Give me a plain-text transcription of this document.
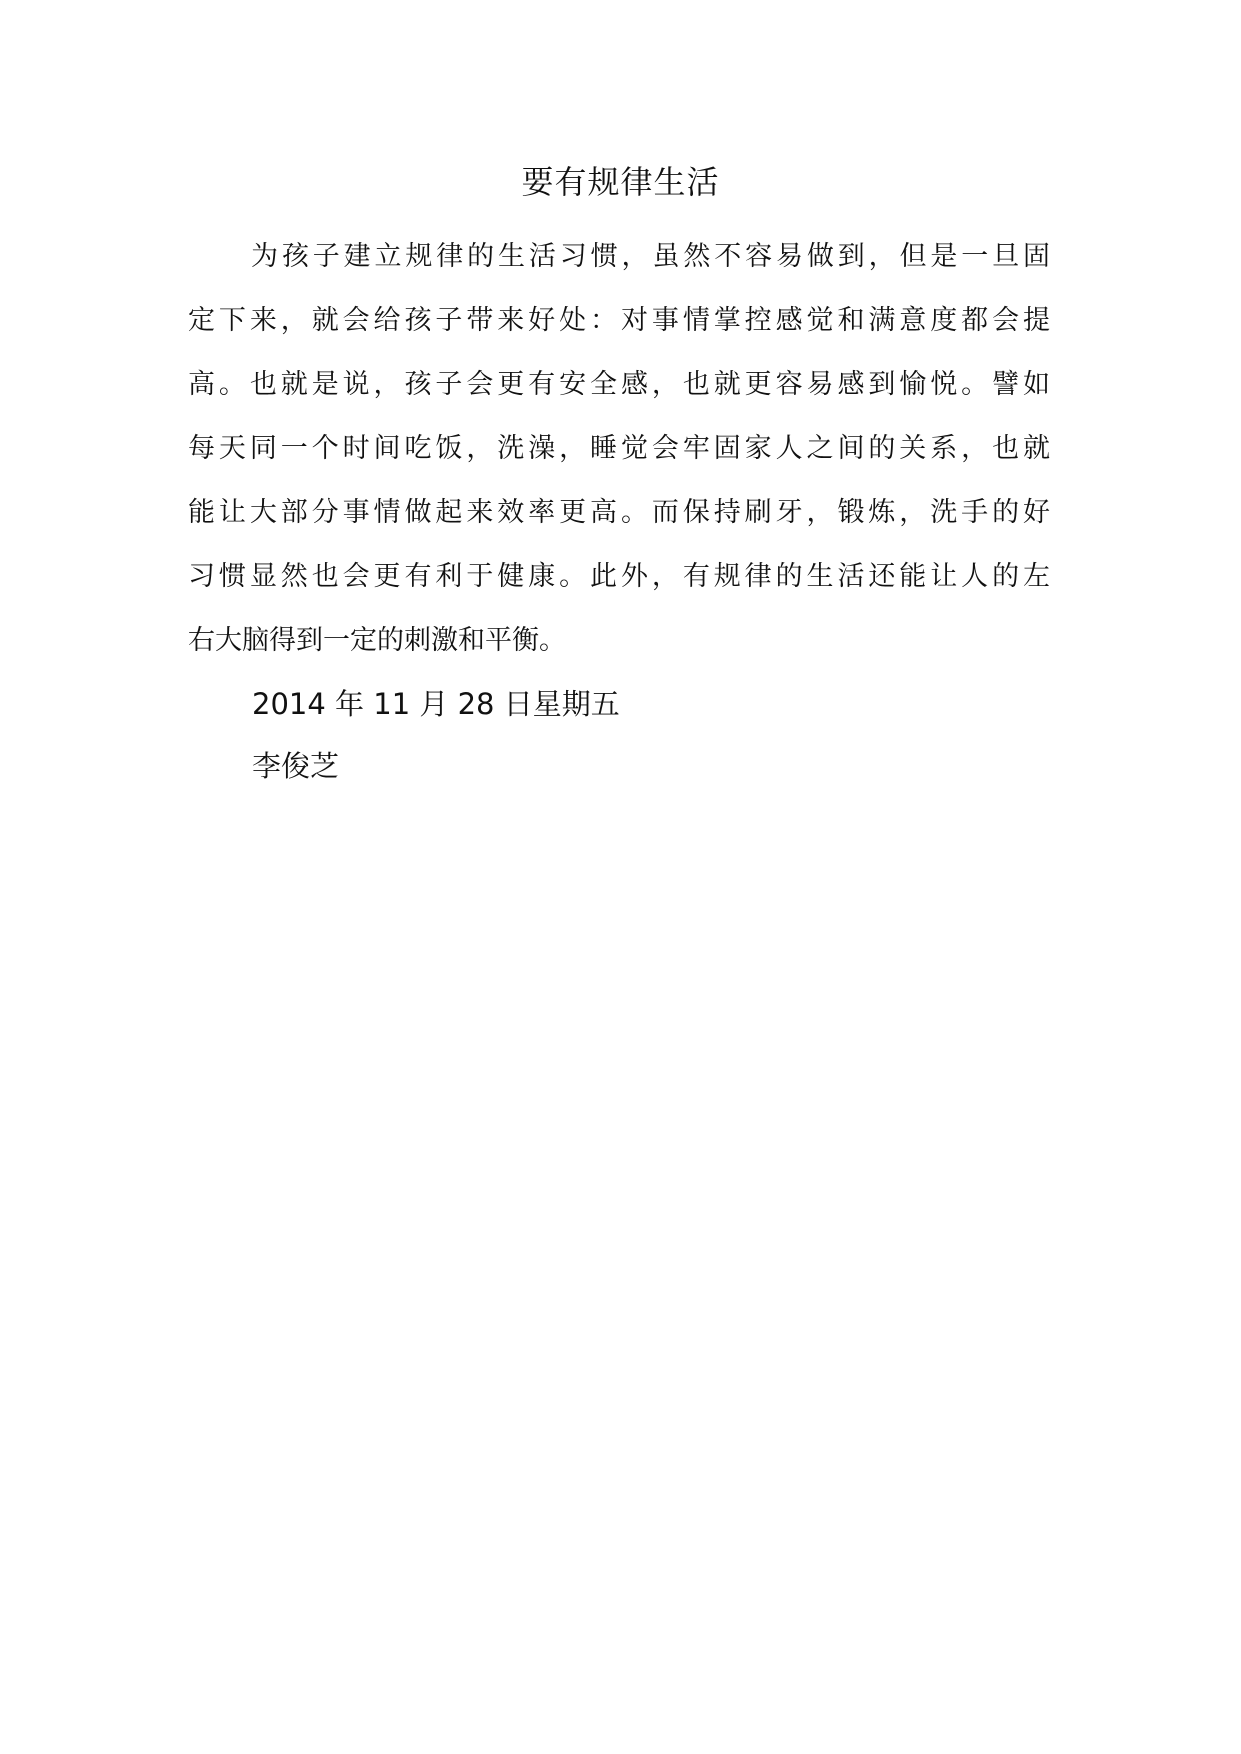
要有规律生活
为孩子建立规律的生活习惯，虽然不容易做到，但是一旦固
定下来，就会给孩子带来好处：对事情掌控感觉和满意度都会提
高。也就是说，孩子会更有安全感，也就更容易感到愉悦。譬如
每天同一个时间吃饭，洗澡，睡觉会牢固家人之间的关系，也就
能让大部分事情做起来效率更高。而保持刷牙，锻炼，洗手的好
习惯显然也会更有利于健康。此外，有规律的生活还能让人的左
右大脑得到一定的刺激和平衡。
2014 年 11 月 28 日星期五
李俊芝
